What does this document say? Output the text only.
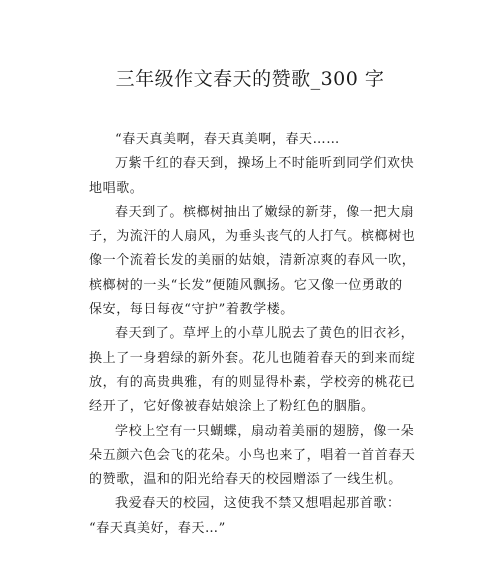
三年级作文春天的赞歌_300 字

“春天真美啊，春天真美啊，春天……

万紫千红的春天到，操场上不时能听到同学们欢快
地唱歌。

春天到了。槟榔树抽出了嫩绿的新芽，像一把大扇
子，为流汗的人扇风，为垂头丧气的人打气。槟榔树也
像一个流着长发的美丽的姑娘，清新凉爽的春风一吹，
槟榔树的一头“长发”便随风飘扬。它又像一位勇敢的
保安，每日每夜“守护”着教学楼。

春天到了。草坪上的小草儿脱去了黄色的旧衣衫，
换上了一身碧绿的新外套。花儿也随着春天的到来而绽
放，有的高贵典雅，有的则显得朴素，学校旁的桃花已
经开了，它好像被春姑娘涂上了粉红色的胭脂。

学校上空有一只蝴蝶，扇动着美丽的翅膀，像一朵
朵五颜六色会飞的花朵。小鸟也来了，唱着一首首春天
的赞歌，温和的阳光给春天的校园赠添了一线生机。

我爱春天的校园，这使我不禁又想唱起那首歌：
“春天真美好，春天…”
